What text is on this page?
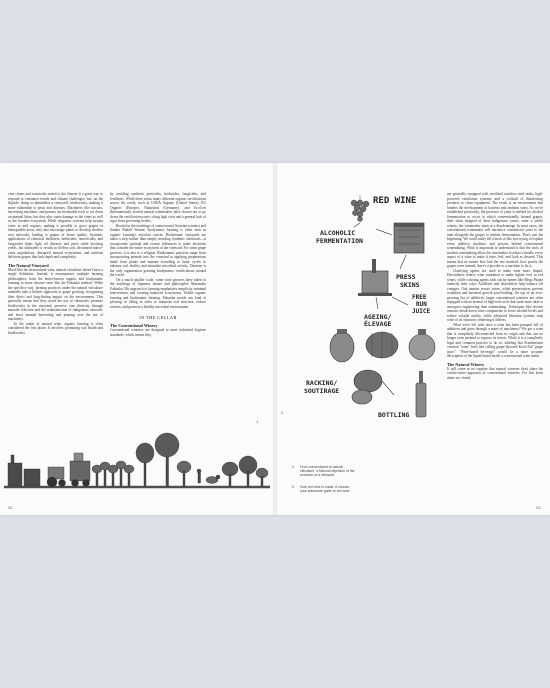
vine clones and rootstocks suited to the climate is a great way to respond to consumer trends and climate challenges, but, on the flipside, doing so diminishes a vineyard's biodiversity, making it more vulnerable to pests and diseases. Machinery like tractors, harvesting machines, and pruners are invaluable tools to cut down on manual labor, but they also cause damage to the vines as well as the broader ecosystem. While irrigation systems help sustain vines in arid regions, making it possible to grow grapes in inhospitable areas, they also encourage plants to develop shallow root networks, leading to grapes of lesser quality. Systemic applications of chemical fertilizers, herbicides, insecticides, and fungicides helps fight off diseases and pests while boosting yields, but ultimately it results in lifeless soil, decimated native-yeast populations, disrupted natural ecosystems, and uniform deficient grapes that lack depth and complexity.

The Natural Vineyard

Much like the term natural wine, natural viticulture doesn't have a single definition. Instead, it encompasses multiple farming philosophies, from the better-known organic and biodynamic farming to more obscure ones like the Fukuoka method. While the specifics vary, farming practices under the natural viticulture umbrella take a holistic approach to grape growing, recognizing their direct and long-lasting impact on the environment. This generally means that they avoid the use of chemicals; promote biodiversity in the vineyard; preserve vine diversity through massale selection and the reintroduction of indigenous varietals; and favor manual harvesting and pruning over the use of machinery.

In the realm of natural wine, organic farming is often considered the first phase. It involves promoting soil health and biodiversity

by avoiding synthetic pesticides, herbicides, fungicides, and fertilizers. While there exists many different organic certifications across the world, such as USDA Organic (United States), EU Organic (Europe), Naturland (Germany), and EcoCert (International), several natural winemakers have chosen not to go down the certification route, citing high costs and a general lack of rigor from governing bodies.

Rooted in the teachings of controversial Austrian scientist and thinker Rudolf Steiner, biodynamic farming is often seen as organic farming's mystical cousin. Biodynamic vineyards are taken a step further than simply avoiding synthetic chemicals—it incorporates spiritual and cosmic influences to make decisions that consider the entire ecosystem of the vineyard. For some grape growers, it is also to a religion. Biodynamic practices range from incorporating animals into the vineyard to applying preparations made from plants and manure according to lunar cycles to enhance soil fertility and stimulate microbial activity. Demeter is the only organization granting biodynamic certifications around the world.

On a much smaller scale, some wine growers have taken to the teachings of Japanese farmer and philosopher Masanobu Fukuoka. His approach to farming emphasizes simplicity, minimal intervention, and creating balanced ecosystems. Unlike organic farming and biodynamic farming, Fukuoka avoids any kind of plowing or tilling in order to maintain soil structure, reduce erosion, and promote a healthy microbial environment.

IN THE CELLAR
The Conventional Winery

Conventional wineries are designed to meet industrial hygiene standards, which means they

1
22
2
1. From conventional to natural viticulture, a fictional depiction of the evolution of a vineyard.
2. How red wine is made: A choose-your-adventure guide to red wine
RED WINE
ALCOHOLIC
FERMENTATION
PRESS
SKINS
FREE
RUN
JUICE
AGEING/
ÉLEVAGE
RACKING/
SOUTIRAGE
BOTTLING

are generally equipped with sterilized stainless steel tanks, high-powered ventilation systems, and a cocktail of disinfecting products to clean equipment. The result is an environment that hinders the development of bacteria and ambient yeast. As we've established previously, the presence of yeast is needed for alcohol fermentation to occur, to which conventionally farmed grapes, their skins stripped of their indigenous yeasts, enter a sterile winery; the winemaker starts at a disadvantage. In most cases, the conventional winemaker will introduce commercial yeast to the tank alongside the grapes to initiate fermentation. That's just the beginning: We could easily fill a book of this size trying to explain every additive, machine, and process behind conventional winemaking. What is important to understand is that the tools of modern winemaking allow the winemaker to adjust virtually every aspect of a wine to make it taste, feel, and look as desired. This means that no matter how bad the raw material, how poorly the grapes were farmed, there's a powder or a machine to fix it.

Clarifying agents are used to make wine more limpid. Deoxidizers reduce wine saturation to make lighter rosé or red wines, while coloring agents with catchy names like Mega Purple intensify their color. Acidifiers and deacidifiers help balance off vintages. Oak tannins rescue wines, while preservatives prevent oxidation and bacterial growth post-bottling. On top of an ever-growing list of additives, larger conventional wineries are often equipped with an arsenal of high-tech tools that seem more akin to aerospace engineering than winemaking. Techniques like reverse osmosis break down wine components to lower alcohol levels and reduce volatile acidity, while advanced filtration systems strip wine of its character, rendering it lifeless.

What we're left with once a wine has been pumped full of additives and gone through a maze of machinery? We get a wine that is completely disconnected from its origin and that can no longer even pretend to express its terroir. While it is a completely legal and common practice to do so, labeling this Frankenstein creation "wine" feels like calling grape-flavored Kool-Aid "grape juice." "Wine-based beverage" would be a more accurate description of the liquid found inside a conventional wine bottle.

The Natural Winery

It will come as no surprise that natural wineries don't share the cookie-cutter approach of conventional wineries. For this book alone we visited

23
